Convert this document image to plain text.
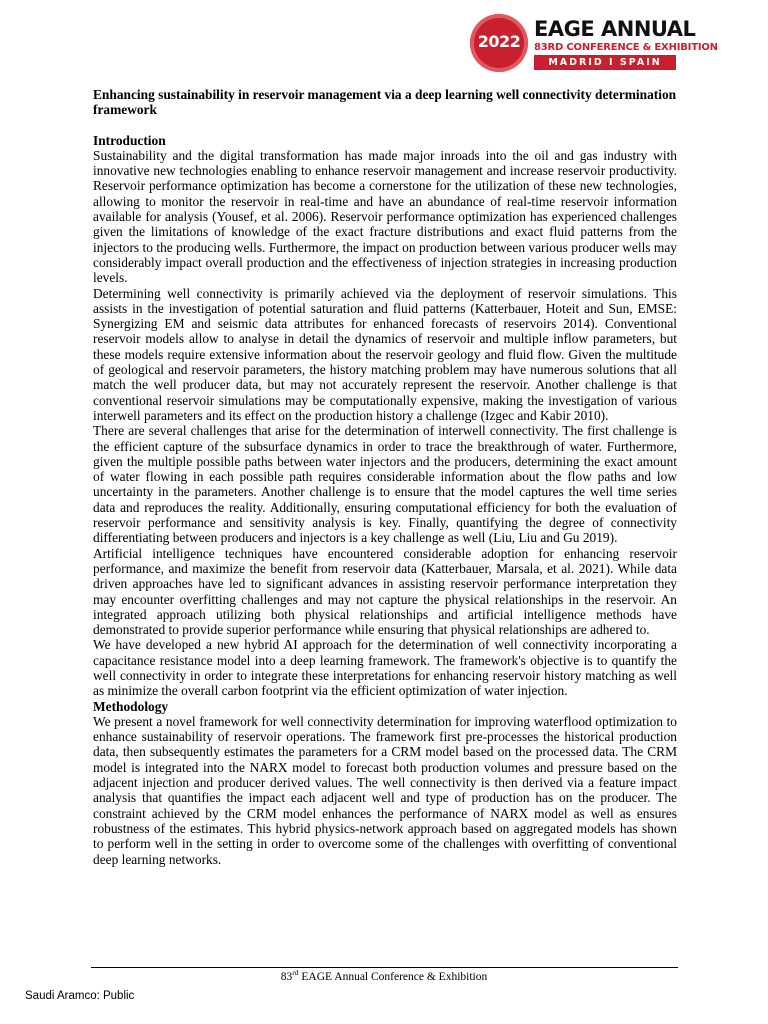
2022
EAGE ANNUAL
83RD CONFERENCE & EXHIBITION
MADRID I SPAIN
Enhancing sustainability in reservoir management via a deep learning well connectivity determination framework
Introduction

Sustainability and the digital transformation has made major inroads into the oil and gas industry with innovative new technologies enabling to enhance reservoir management and increase reservoir productivity. Reservoir performance optimization has become a cornerstone for the utilization of these new technologies, allowing to monitor the reservoir in real-time and have an abundance of real-time reservoir information available for analysis (Yousef, et al. 2006). Reservoir performance optimization has experienced challenges given the limitations of knowledge of the exact fracture distributions and exact fluid patterns from the injectors to the producing wells. Furthermore, the impact on production between various producer wells may considerably impact overall production and the effectiveness of injection strategies in increasing production levels.

Determining well connectivity is primarily achieved via the deployment of reservoir simulations. This assists in the investigation of potential saturation and fluid patterns (Katterbauer, Hoteit and Sun, EMSE: Synergizing EM and seismic data attributes for enhanced forecasts of reservoirs 2014). Conventional reservoir models allow to analyse in detail the dynamics of reservoir and multiple inflow parameters, but these models require extensive information about the reservoir geology and fluid flow. Given the multitude of geological and reservoir parameters, the history matching problem may have numerous solutions that all match the well producer data, but may not accurately represent the reservoir. Another challenge is that conventional reservoir simulations may be computationally expensive, making the investigation of various interwell parameters and its effect on the production history a challenge (Izgec and Kabir 2010).

There are several challenges that arise for the determination of interwell connectivity. The first challenge is the efficient capture of the subsurface dynamics in order to trace the breakthrough of water. Furthermore, given the multiple possible paths between water injectors and the producers, determining the exact amount of water flowing in each possible path requires considerable information about the flow paths and low uncertainty in the parameters. Another challenge is to ensure that the model captures the well time series data and reproduces the reality. Additionally, ensuring computational efficiency for both the evaluation of reservoir performance and sensitivity analysis is key. Finally, quantifying the degree of connectivity differentiating between producers and injectors is a key challenge as well (Liu, Liu and Gu 2019).

Artificial intelligence techniques have encountered considerable adoption for enhancing reservoir performance, and maximize the benefit from reservoir data (Katterbauer, Marsala, et al. 2021). While data driven approaches have led to significant advances in assisting reservoir performance interpretation they may encounter overfitting challenges and may not capture the physical relationships in the reservoir. An integrated approach utilizing both physical relationships and artificial intelligence methods have demonstrated to provide superior performance while ensuring that physical relationships are adhered to.

We have developed a new hybrid AI approach for the determination of well connectivity incorporating a capacitance resistance model into a deep learning framework. The framework's objective is to quantify the well connectivity in order to integrate these interpretations for enhancing reservoir history matching as well as minimize the overall carbon footprint via the efficient optimization of water injection.

Methodology

We present a novel framework for well connectivity determination for improving waterflood optimization to enhance sustainability of reservoir operations. The framework first pre-processes the historical production data, then subsequently estimates the parameters for a CRM model based on the processed data. The CRM model is integrated into the NARX model to forecast both production volumes and pressure based on the adjacent injection and producer derived values. The well connectivity is then derived via a feature impact analysis that quantifies the impact each adjacent well and type of production has on the producer. The constraint achieved by the CRM model enhances the performance of NARX model as well as ensures robustness of the estimates. This hybrid physics-network approach based on aggregated models has shown to perform well in the setting in order to overcome some of the challenges with overfitting of conventional deep learning networks.

83rd EAGE Annual Conference & Exhibition
Saudi Aramco: Public
